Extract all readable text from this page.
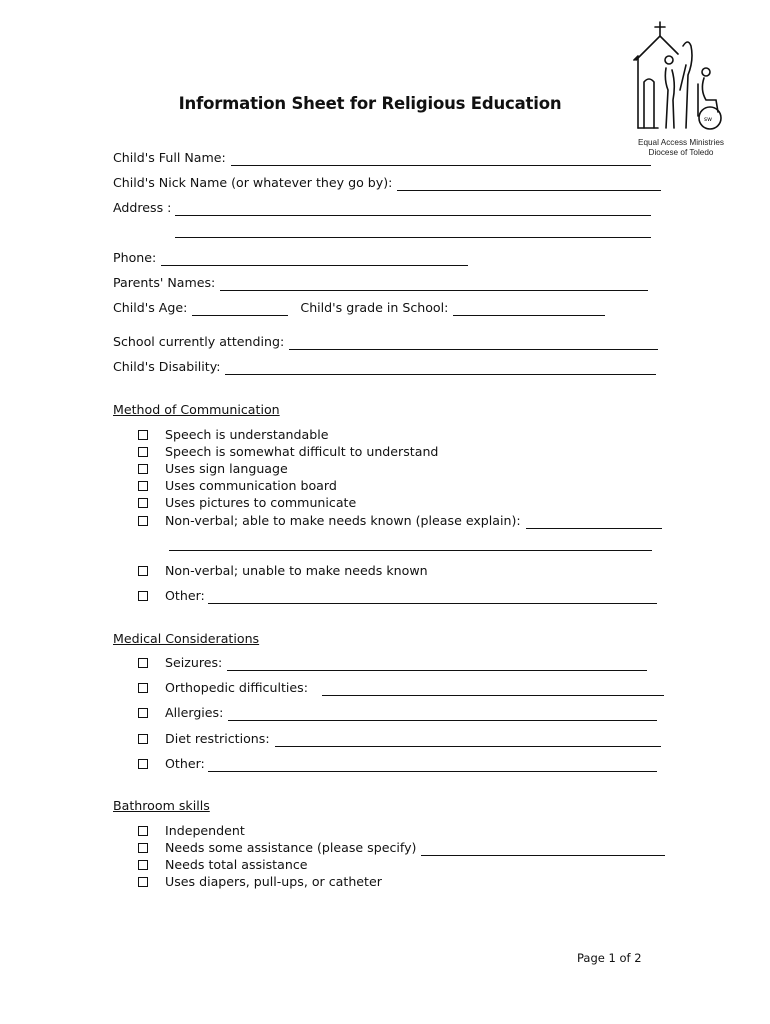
sw
Equal Access Ministries
Diocese of Toledo
Information Sheet for Religious Education
Child's Full Name:
Child's Nick Name (or whatever they go by):
Address :
Phone:
Parents' Names:
Child's Age:	Child's grade in School:
School currently attending:
Child's Disability:
Method of Communication
Speech is understandable
Speech is somewhat difficult to understand
Uses sign language
Uses communication board
Uses pictures to communicate
Non-verbal; able to make needs known (please explain):
Non-verbal; unable to make needs known
Other:
Medical Considerations
Seizures:
Orthopedic difficulties:
Allergies:
Diet restrictions:
Other:
Bathroom skills
Independent
Needs some assistance (please specify)
Needs total assistance
Uses diapers, pull-ups, or catheter
Page 1 of 2
